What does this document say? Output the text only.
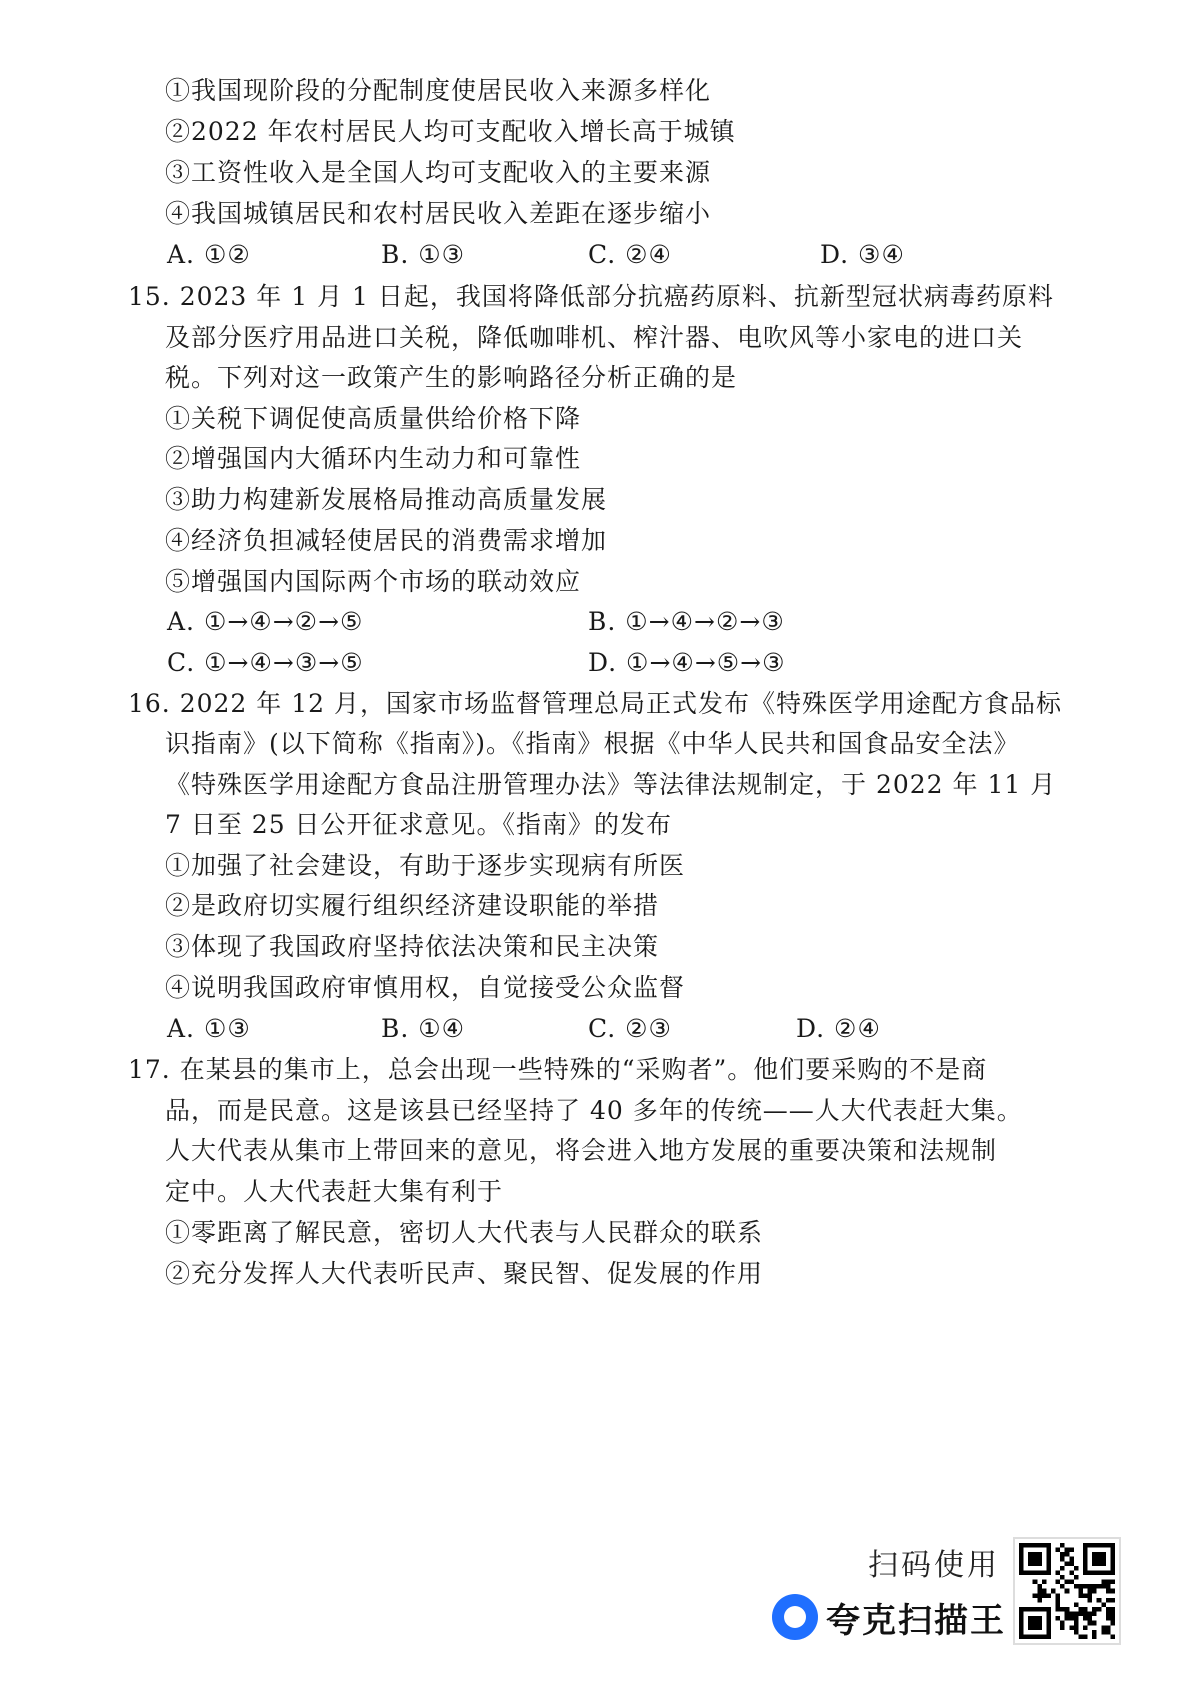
①我国现阶段的分配制度使居民收入来源多样化
②2022 年农村居民人均可支配收入增长高于城镇
③工资性收入是全国人均可支配收入的主要来源
④我国城镇居民和农村居民收入差距在逐步缩小
A. ①②	B. ①③	C. ②④	D. ③④
15. 2023 年 1 月 1 日起，我国将降低部分抗癌药原料、抗新型冠状病毒药原料
及部分医疗用品进口关税，降低咖啡机、榨汁器、电吹风等小家电的进口关
税。下列对这一政策产生的影响路径分析正确的是
①关税下调促使高质量供给价格下降
②增强国内大循环内生动力和可靠性
③助力构建新发展格局推动高质量发展
④经济负担减轻使居民的消费需求增加
⑤增强国内国际两个市场的联动效应
A. ①→④→②→⑤	B. ①→④→②→③
C. ①→④→③→⑤	D. ①→④→⑤→③
16. 2022 年 12 月，国家市场监督管理总局正式发布《特殊医学用途配方食品标
识指南》(以下简称《指南》)。《指南》根据《中华人民共和国食品安全法》
《特殊医学用途配方食品注册管理办法》等法律法规制定，于 2022 年 11 月
7 日至 25 日公开征求意见。《指南》的发布
①加强了社会建设，有助于逐步实现病有所医
②是政府切实履行组织经济建设职能的举措
③体现了我国政府坚持依法决策和民主决策
④说明我国政府审慎用权，自觉接受公众监督
A. ①③	B. ①④	C. ②③	D. ②④
17. 在某县的集市上，总会出现一些特殊的“采购者”。他们要采购的不是商
品，而是民意。这是该县已经坚持了 40 多年的传统——人大代表赶大集。
人大代表从集市上带回来的意见，将会进入地方发展的重要决策和法规制
定中。人大代表赶大集有利于
①零距离了解民意，密切人大代表与人民群众的联系
②充分发挥人大代表听民声、聚民智、促发展的作用
扫码使用
夸克扫描王
